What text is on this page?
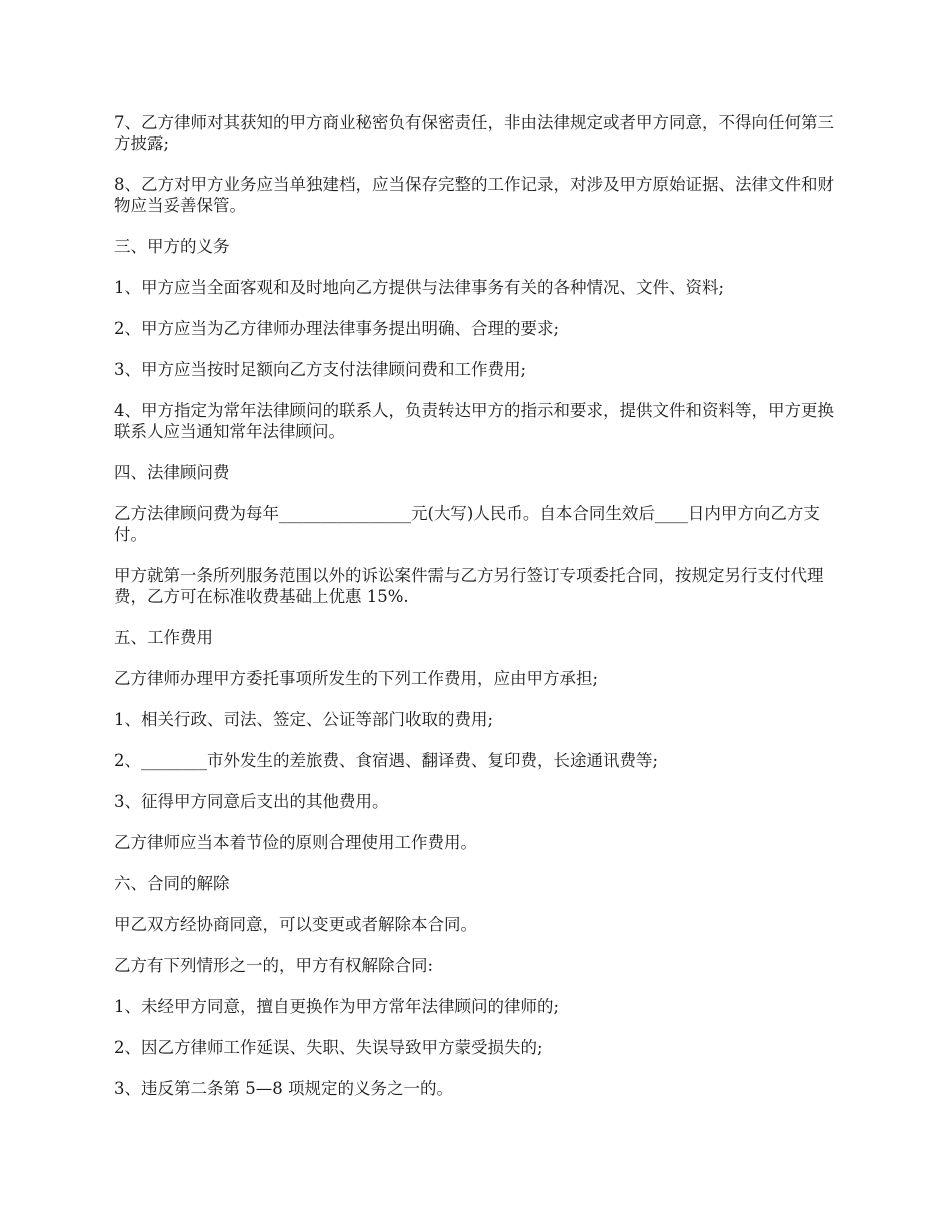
7、乙方律师对其获知的甲方商业秘密负有保密责任，非由法律规定或者甲方同意，不得向任何第三方披露;

8、乙方对甲方业务应当单独建档，应当保存完整的工作记录，对涉及甲方原始证据、法律文件和财物应当妥善保管。

三、甲方的义务

1、甲方应当全面客观和及时地向乙方提供与法律事务有关的各种情况、文件、资料;

2、甲方应当为乙方律师办理法律事务提出明确、合理的要求;

3、甲方应当按时足额向乙方支付法律顾问费和工作费用;

4、甲方指定为常年法律顾问的联系人，负责转达甲方的指示和要求，提供文件和资料等，甲方更换联系人应当通知常年法律顾问。

四、法律顾问费

乙方法律顾问费为每年________________元(大写)人民币。自本合同生效后____日内甲方向乙方支付。

甲方就第一条所列服务范围以外的诉讼案件需与乙方另行签订专项委托合同，按规定另行支付代理费，乙方可在标准收费基础上优惠 15%.

五、工作费用

乙方律师办理甲方委托事项所发生的下列工作费用，应由甲方承担;

1、相关行政、司法、签定、公证等部门收取的费用;

2、________市外发生的差旅费、食宿遇、翻译费、复印费，长途通讯费等;

3、征得甲方同意后支出的其他费用。

乙方律师应当本着节俭的原则合理使用工作费用。

六、合同的解除

甲乙双方经协商同意，可以变更或者解除本合同。

乙方有下列情形之一的，甲方有权解除合同:

1、未经甲方同意，擅自更换作为甲方常年法律顾问的律师的;

2、因乙方律师工作延误、失职、失误导致甲方蒙受损失的;

3、违反第二条第 5—8 项规定的义务之一的。
